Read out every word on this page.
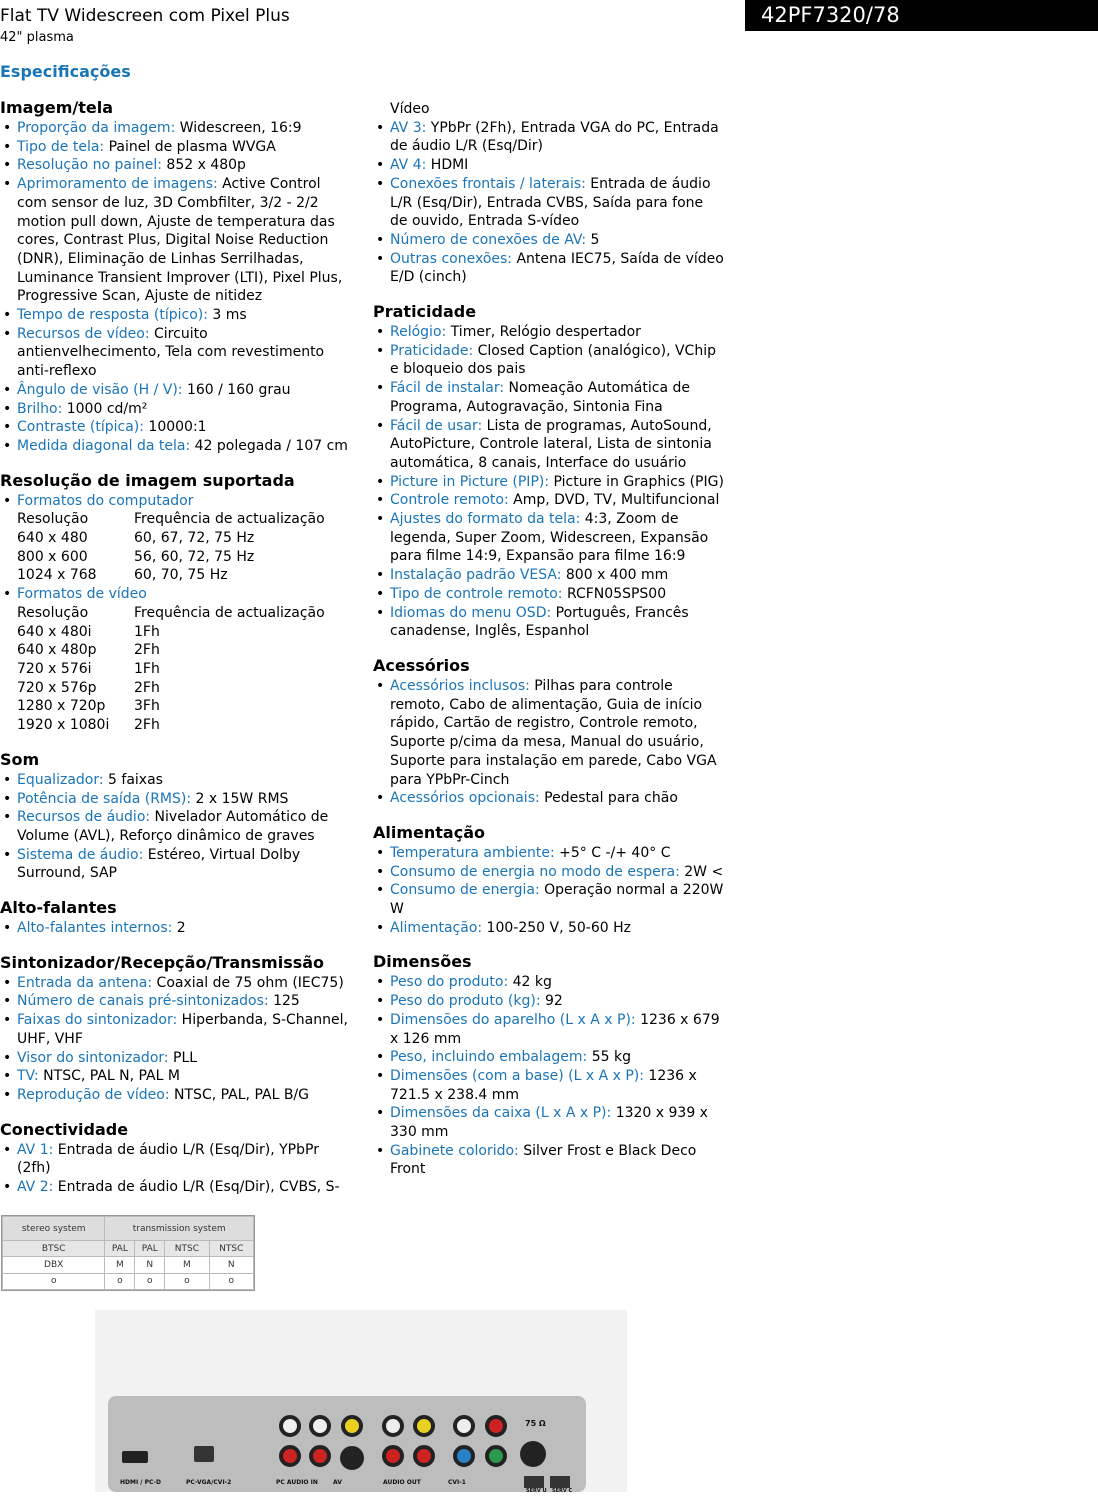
Flat TV Widescreen com Pixel Plus
42" plasma
42PF7320/78
Especificações
Imagem/tela
• Proporção da imagem: Widescreen, 16:9
• Tipo de tela: Painel de plasma WVGA
• Resolução no painel: 852 x 480p
• Aprimoramento de imagens: Active Control com sensor de luz, 3D Combfilter, 3/2 - 2/2 motion pull down, Ajuste de temperatura das cores, Contrast Plus, Digital Noise Reduction (DNR), Eliminação de Linhas Serrilhadas, Luminance Transient Improver (LTI), Pixel Plus, Progressive Scan, Ajuste de nitidez
• Tempo de resposta (típico): 3 ms
• Recursos de vídeo: Circuito antienvelhecimento, Tela com revestimento anti-reflexo
• Ângulo de visão (H / V): 160 / 160 grau
• Brilho: 1000 cd/m²
• Contraste (típica): 10000:1
• Medida diagonal da tela: 42 polegada / 107 cm
Resolução de imagem suportada
• Formatos do computador
Resolução	Frequência de actualização
640 x 480	60, 67, 72, 75 Hz
800 x 600	56, 60, 72, 75 Hz
1024 x 768	60, 70, 75 Hz
• Formatos de vídeo
Resolução	Frequência de actualização
640 x 480i	1Fh
640 x 480p	2Fh
720 x 576i	1Fh
720 x 576p	2Fh
1280 x 720p	3Fh
1920 x 1080i	2Fh
Som
• Equalizador: 5 faixas
• Potência de saída (RMS): 2 x 15W RMS
• Recursos de áudio: Nivelador Automático de Volume (AVL), Reforço dinâmico de graves
• Sistema de áudio: Estéreo, Virtual Dolby Surround, SAP
Alto-falantes
• Alto-falantes internos: 2
Sintonizador/Recepção/Transmissão
• Entrada da antena: Coaxial de 75 ohm (IEC75)
• Número de canais pré-sintonizados: 125
• Faixas do sintonizador: Hiperbanda, S-Channel, UHF, VHF
• Visor do sintonizador: PLL
• TV: NTSC, PAL N, PAL M
• Reprodução de vídeo: NTSC, PAL, PAL B/G
Conectividade
• AV 1: Entrada de áudio L/R (Esq/Dir), YPbPr (2fh)
• AV 2: Entrada de áudio L/R (Esq/Dir), CVBS, S-
Vídeo
• AV 3: YPbPr (2Fh), Entrada VGA do PC, Entrada de áudio L/R (Esq/Dir)
• AV 4: HDMI
• Conexões frontais / laterais: Entrada de áudio L/R (Esq/Dir), Entrada CVBS, Saída para fone de ouvido, Entrada S-vídeo
• Número de conexões de AV: 5
• Outras conexões: Antena IEC75, Saída de vídeo E/D (cinch)
Praticidade
• Relógio: Timer, Relógio despertador
• Praticidade: Closed Caption (analógico), VChip e bloqueio dos pais
• Fácil de instalar: Nomeação Automática de Programa, Autogravação, Sintonia Fina
• Fácil de usar: Lista de programas, AutoSound, AutoPicture, Controle lateral, Lista de sintonia automática, 8 canais, Interface do usuário
• Picture in Picture (PIP): Picture in Graphics (PIG)
• Controle remoto: Amp, DVD, TV, Multifuncional
• Ajustes do formato da tela: 4:3, Zoom de legenda, Super Zoom, Widescreen, Expansão para filme 14:9, Expansão para filme 16:9
• Instalação padrão VESA: 800 x 400 mm
• Tipo de controle remoto: RCFN05SPS00
• Idiomas do menu OSD: Português, Francês canadense, Inglês, Espanhol
Acessórios
• Acessórios inclusos: Pilhas para controle remoto, Cabo de alimentação, Guia de início rápido, Cartão de registro, Controle remoto, Suporte p/cima da mesa, Manual do usuário, Suporte para instalação em parede, Cabo VGA para YPbPr-Cinch
• Acessórios opcionais: Pedestal para chão
Alimentação
• Temperatura ambiente: +5° C -/+ 40° C
• Consumo de energia no modo de espera: 2W <
• Consumo de energia: Operação normal a 220W W
• Alimentação: 100-250 V, 50-60 Hz
Dimensões
• Peso do produto: 42 kg
• Peso do produto (kg): 92
• Dimensões do aparelho (L x A x P): 1236 x 679 x 126 mm
• Peso, incluindo embalagem: 55 kg
• Dimensões (com a base) (L x A x P): 1236 x 721.5 x 238.4 mm
• Dimensões da caixa (L x A x P): 1320 x 939 x 330 mm
• Gabinete colorido: Silver Frost e Black Deco Front
stereo system	transmission system			
BTSC	PAL	PAL	NTSC	NTSC
DBX	M	N	M	N
o	o	o	o	o
HDMI / PC-D	PC-VGA/CVI-2	PC AUDIO IN	AV	AUDIO OUT	CVI-1
SERV U SERV C
75 Ω
